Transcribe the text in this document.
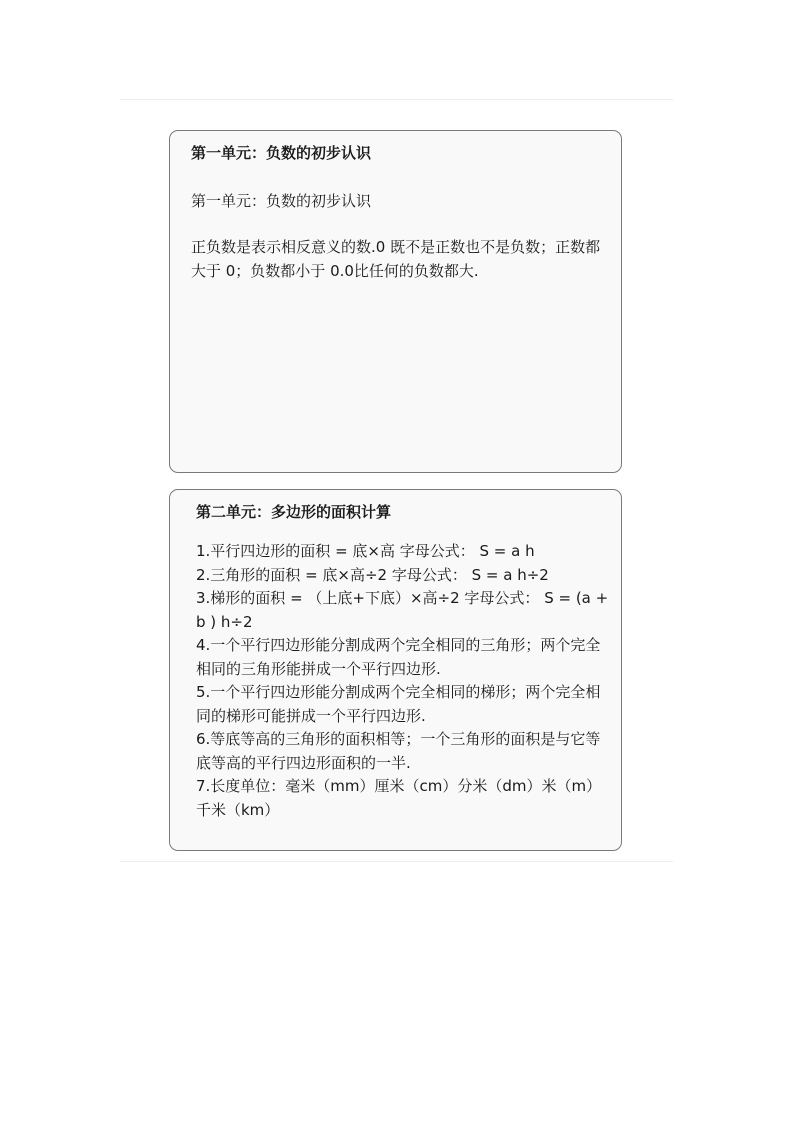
第一单元：负数的初步认识
第一单元：负数的初步认识
正负数是表示相反意义的数.0 既不是正数也不是负数；正数都大于 0；负数都小于 0.0比任何的负数都大.
第二单元：多边形的面积计算
1.平行四边形的面积 = 底×高 字母公式： S = a h
2.三角形的面积 = 底×高÷2 字母公式： S = a h÷2
3.梯形的面积 = （上底+下底）×高÷2 字母公式： S = (a + b ) h÷2
4.一个平行四边形能分割成两个完全相同的三角形；两个完全相同的三角形能拼成一个平行四边形.
5.一个平行四边形能分割成两个完全相同的梯形；两个完全相同的梯形可能拼成一个平行四边形.
6.等底等高的三角形的面积相等；一个三角形的面积是与它等底等高的平行四边形面积的一半.
7.长度单位：毫米（mm）厘米（cm）分米（dm）米（m）千米（km）
